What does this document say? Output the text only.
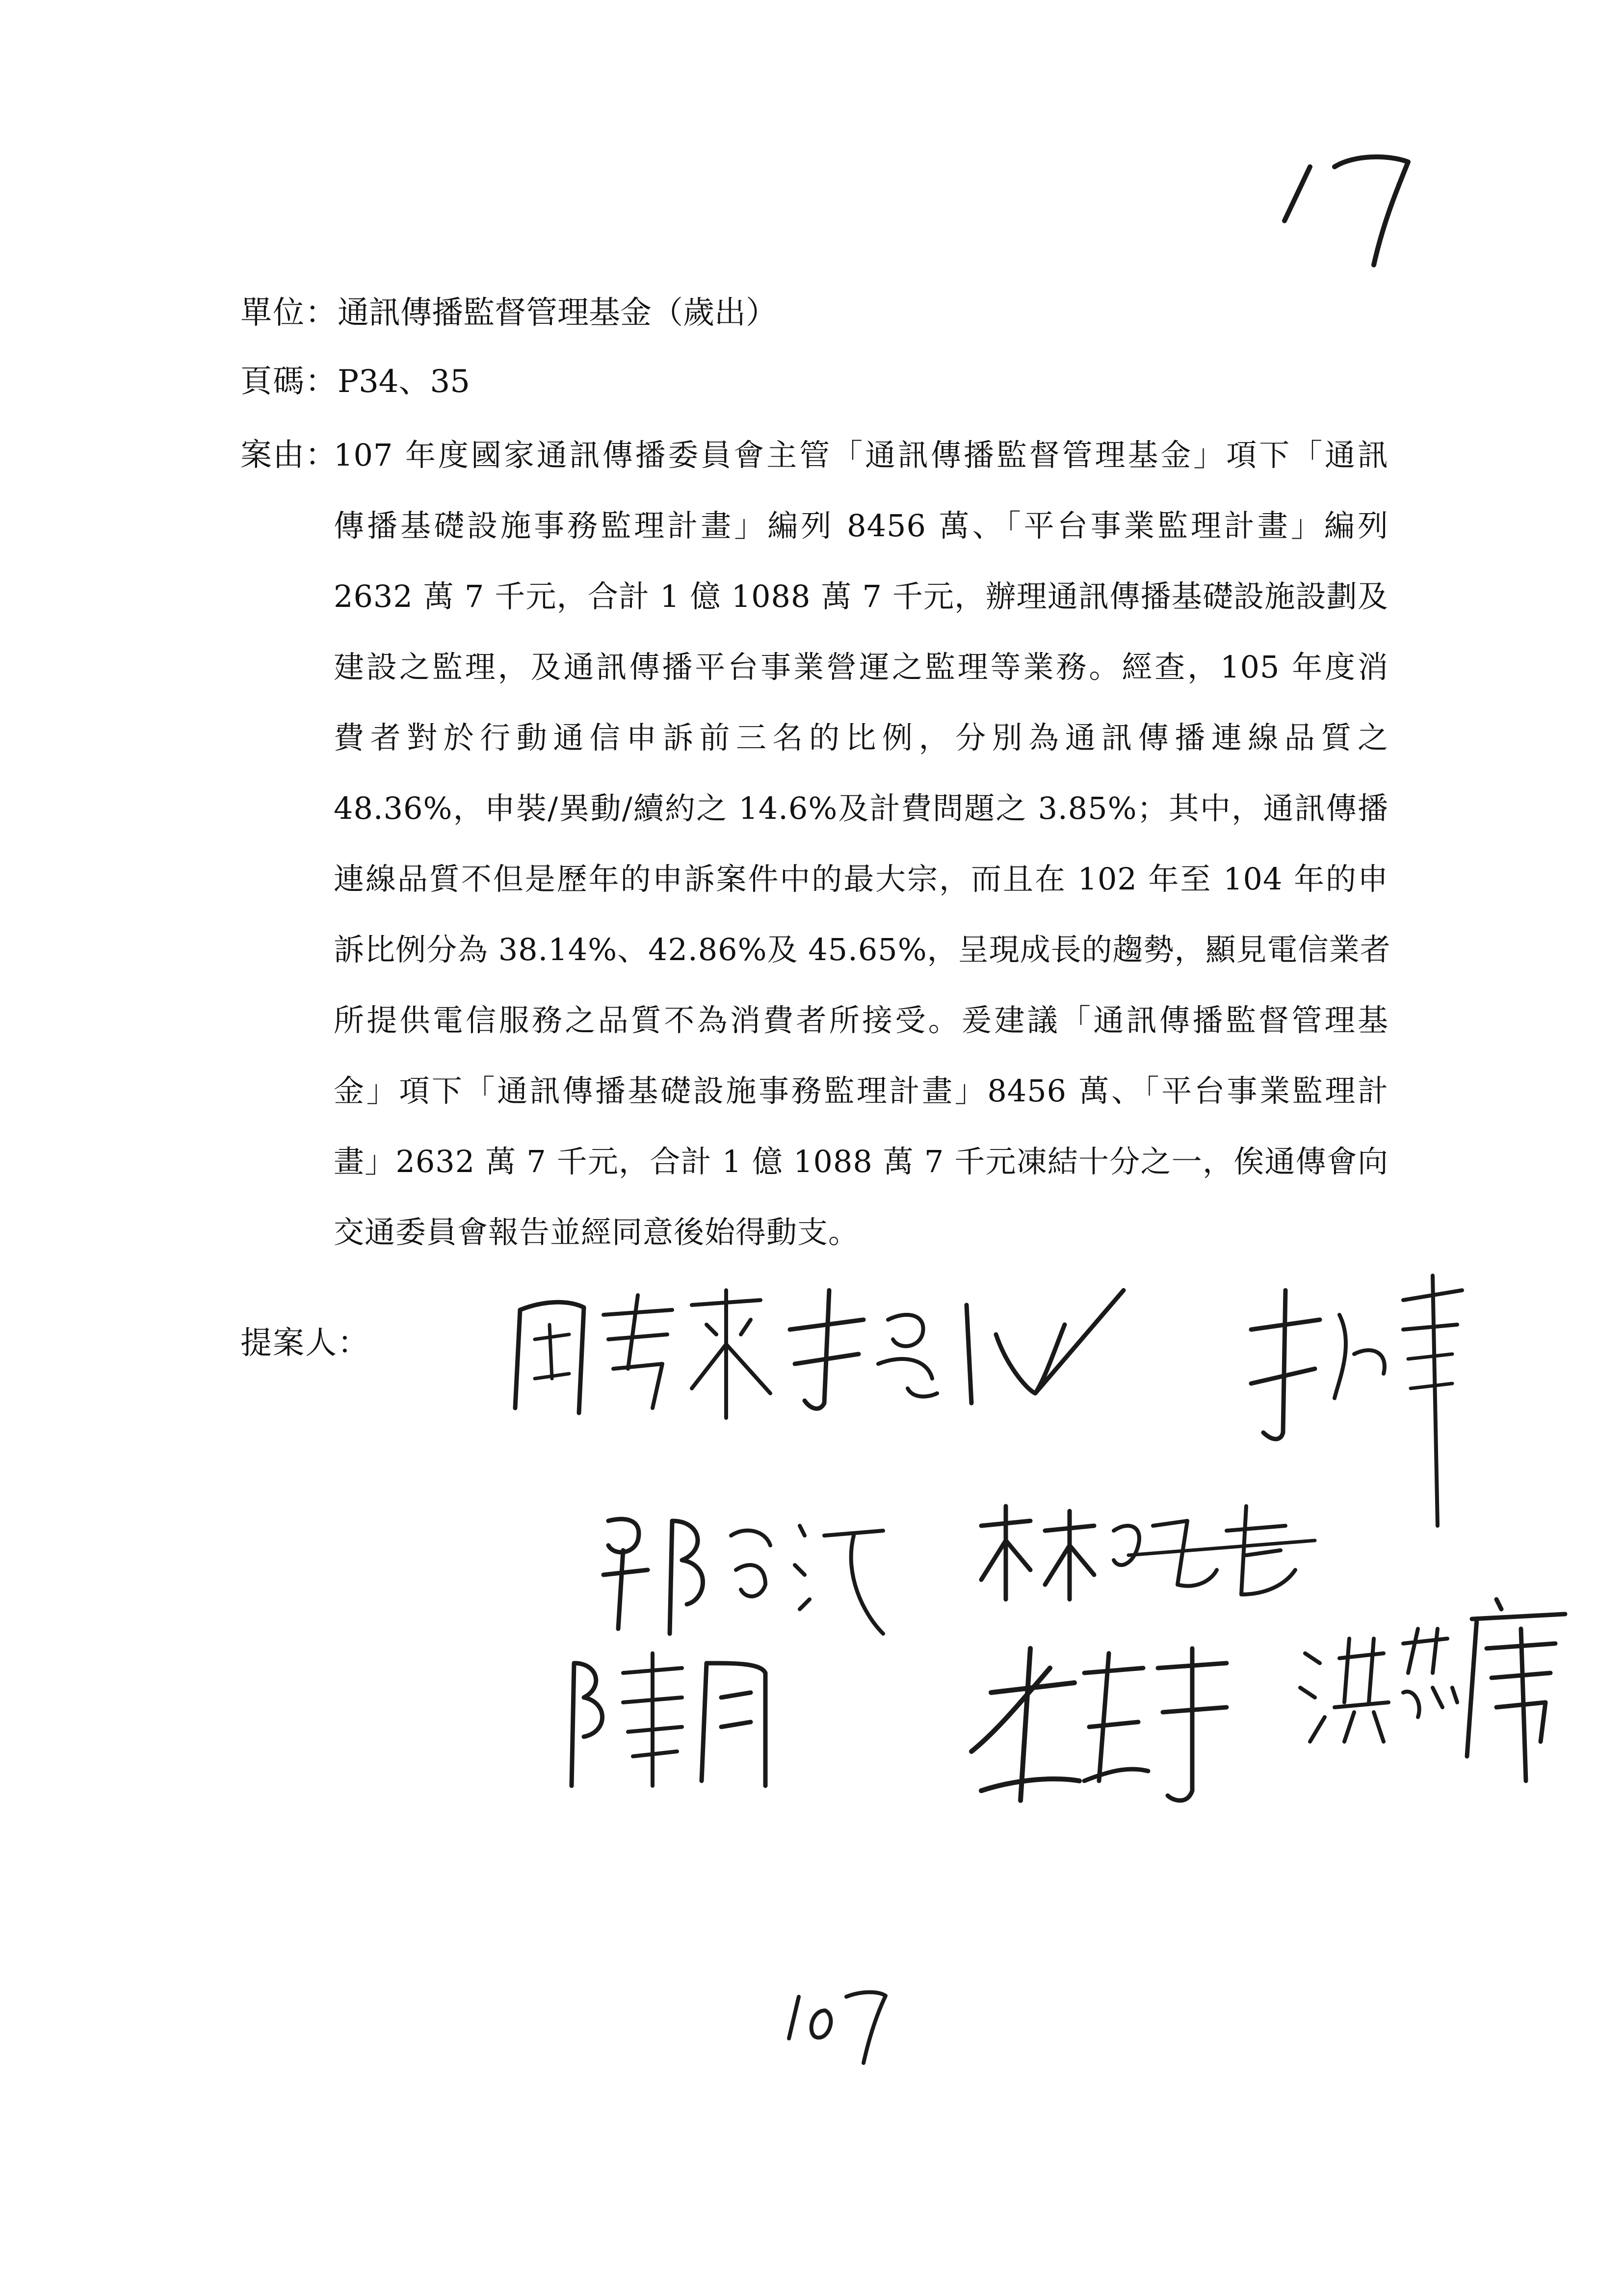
單位：通訊傳播監督管理基金（歲出）
頁碼：P34、35
案由：
107 年度國家通訊傳播委員會主管「通訊傳播監督管理基金」項下「通訊
傳播基礎設施事務監理計畫」編列 8456 萬、「平台事業監理計畫」編列
2632 萬 7 千元，合計 1 億 1088 萬 7 千元，辦理通訊傳播基礎設施設劃及
建設之監理，及通訊傳播平台事業營運之監理等業務。經查，105 年度消
費者對於行動通信申訴前三名的比例，分別為通訊傳播連線品質之
48.36%，申裝/異動/續約之 14.6%及計費問題之 3.85%；其中，通訊傳播
連線品質不但是歷年的申訴案件中的最大宗，而且在 102 年至 104 年的申
訴比例分為 38.14%、42.86%及 45.65%，呈現成長的趨勢，顯見電信業者
所提供電信服務之品質不為消費者所接受。爰建議「通訊傳播監督管理基
金」項下「通訊傳播基礎設施事務監理計畫」8456 萬、「平台事業監理計
畫」2632 萬 7 千元，合計 1 億 1088 萬 7 千元凍結十分之一，俟通傳會向
交通委員會報告並經同意後始得動支。
提案人：
